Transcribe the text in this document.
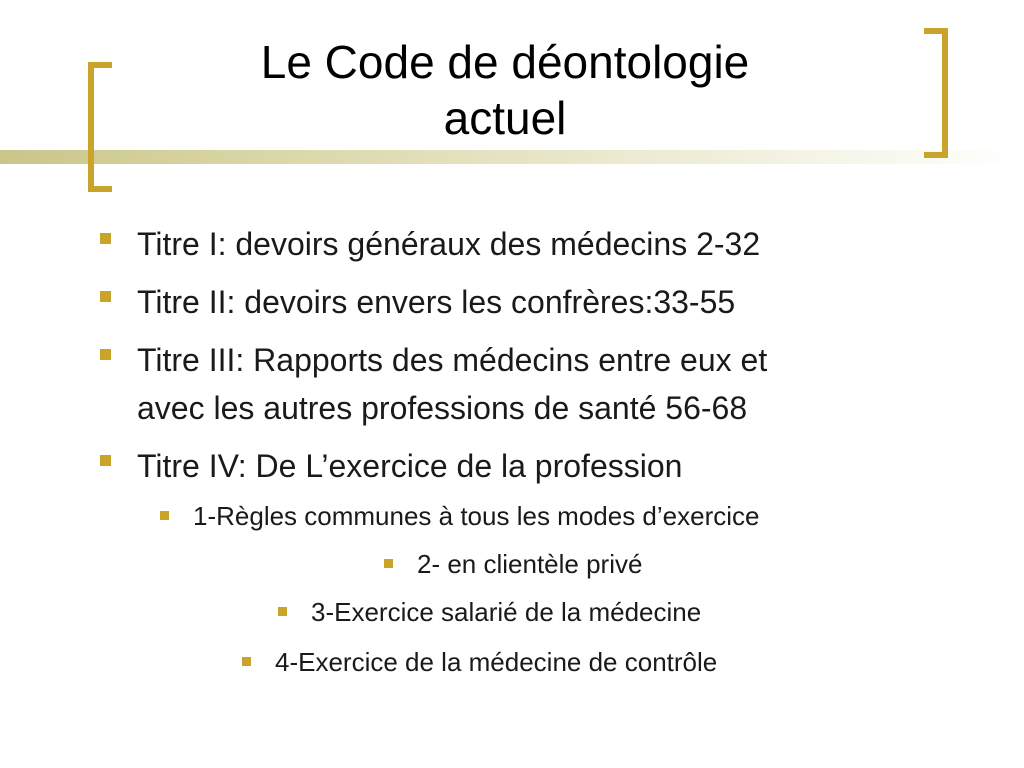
Le Code de déontologie
actuel
Titre I: devoirs généraux des médecins 2-32
Titre II: devoirs envers les confrères:33-55
Titre III: Rapports des médecins entre eux et
avec les autres professions de santé 56-68
Titre IV: De L’exercice de la profession
1-Règles communes à tous les modes d’exercice
2- en clientèle privé
3-Exercice salarié de la médecine
4-Exercice de la médecine de contrôle
